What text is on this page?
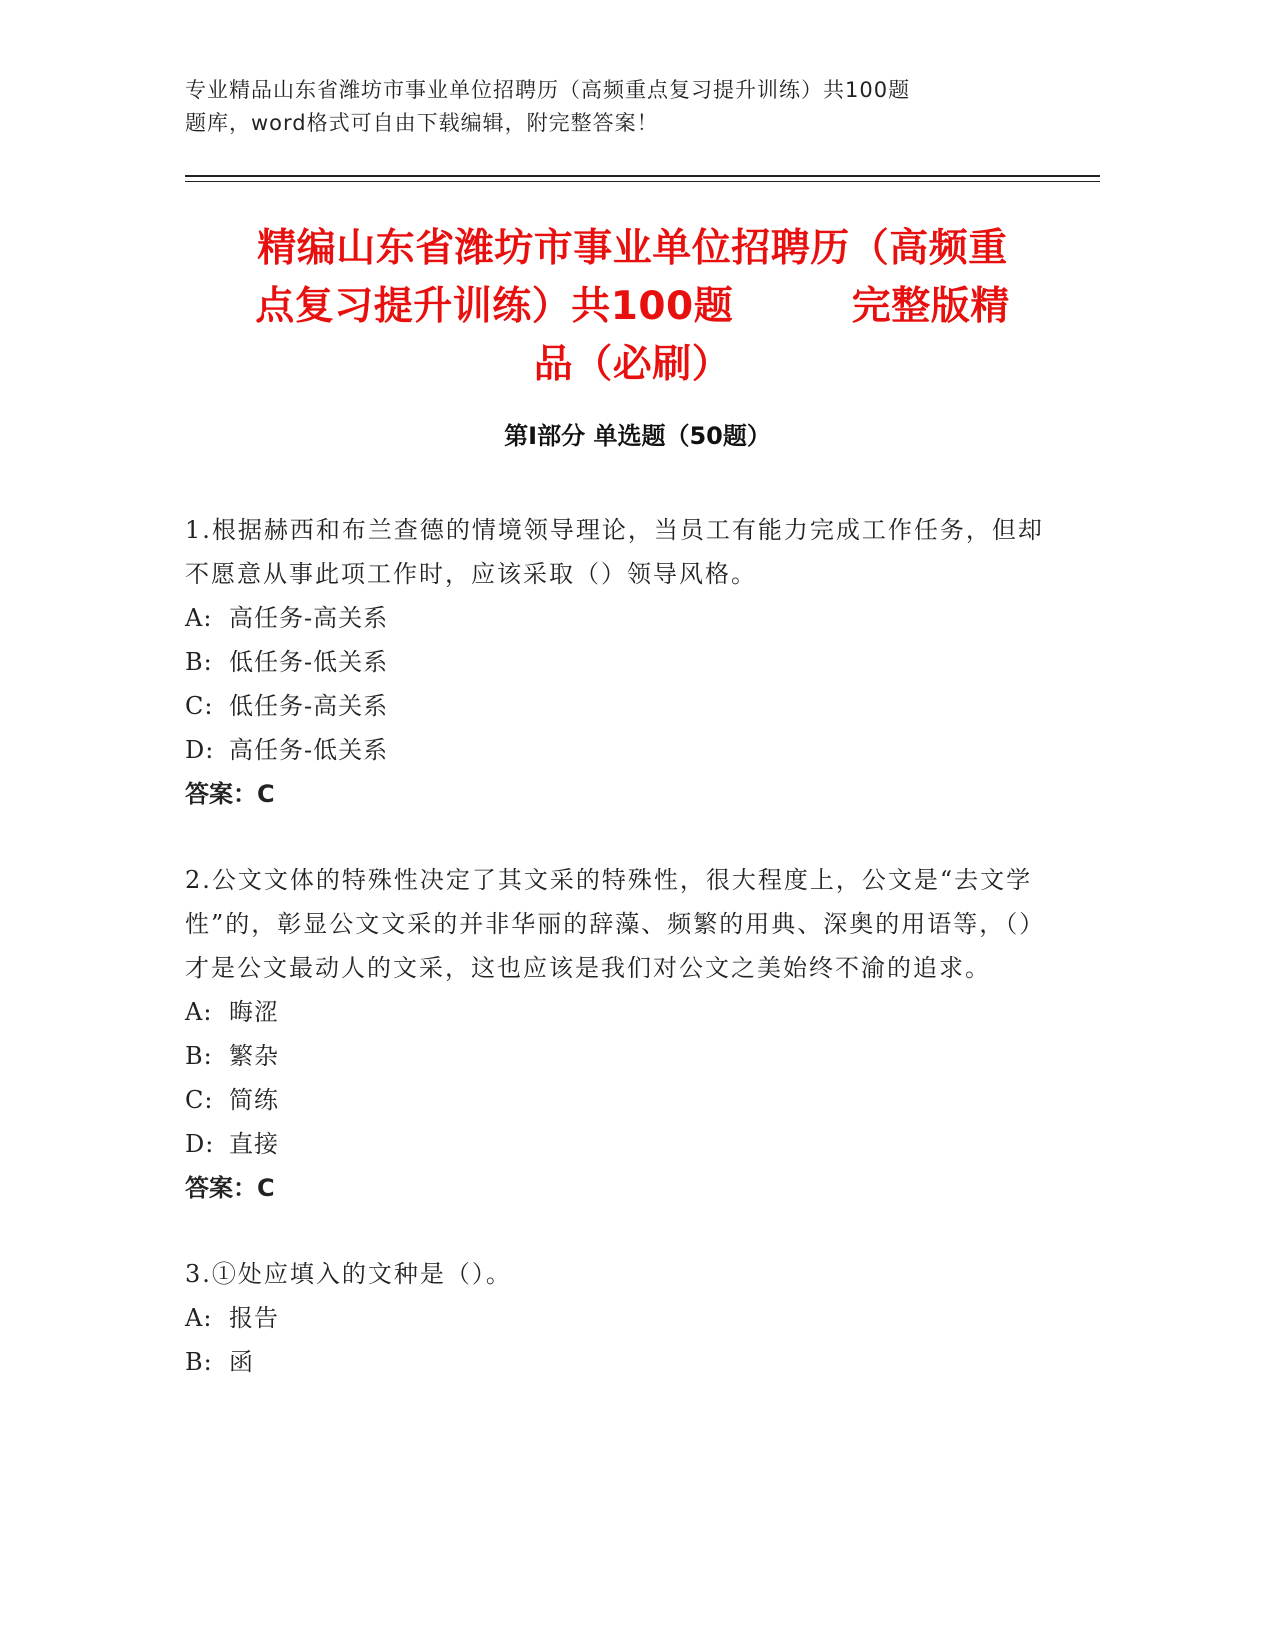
专业精品山东省潍坊市事业单位招聘历（高频重点复习提升训练）共100题
题库，word格式可自由下载编辑，附完整答案！
精编山东省潍坊市事业单位招聘历（高频重
点复习提升训练）共100题　　　完整版精
品（必刷）
第Ⅰ部分 单选题（50题）
1.根据赫西和布兰查德的情境领导理论，当员工有能力完成工作任务，但却不愿意从事此项工作时，应该采取（）领导风格。
A: 高任务-高关系
B: 低任务-低关系
C: 低任务-高关系
D: 高任务-低关系
答案：C
2.公文文体的特殊性决定了其文采的特殊性，很大程度上，公文是“去文学性”的，彰显公文文采的并非华丽的辞藻、频繁的用典、深奥的用语等，（）才是公文最动人的文采，这也应该是我们对公文之美始终不渝的追求。
A: 晦涩
B: 繁杂
C: 简练
D: 直接
答案：C
3.①处应填入的文种是（）。
A: 报告
B: 函
